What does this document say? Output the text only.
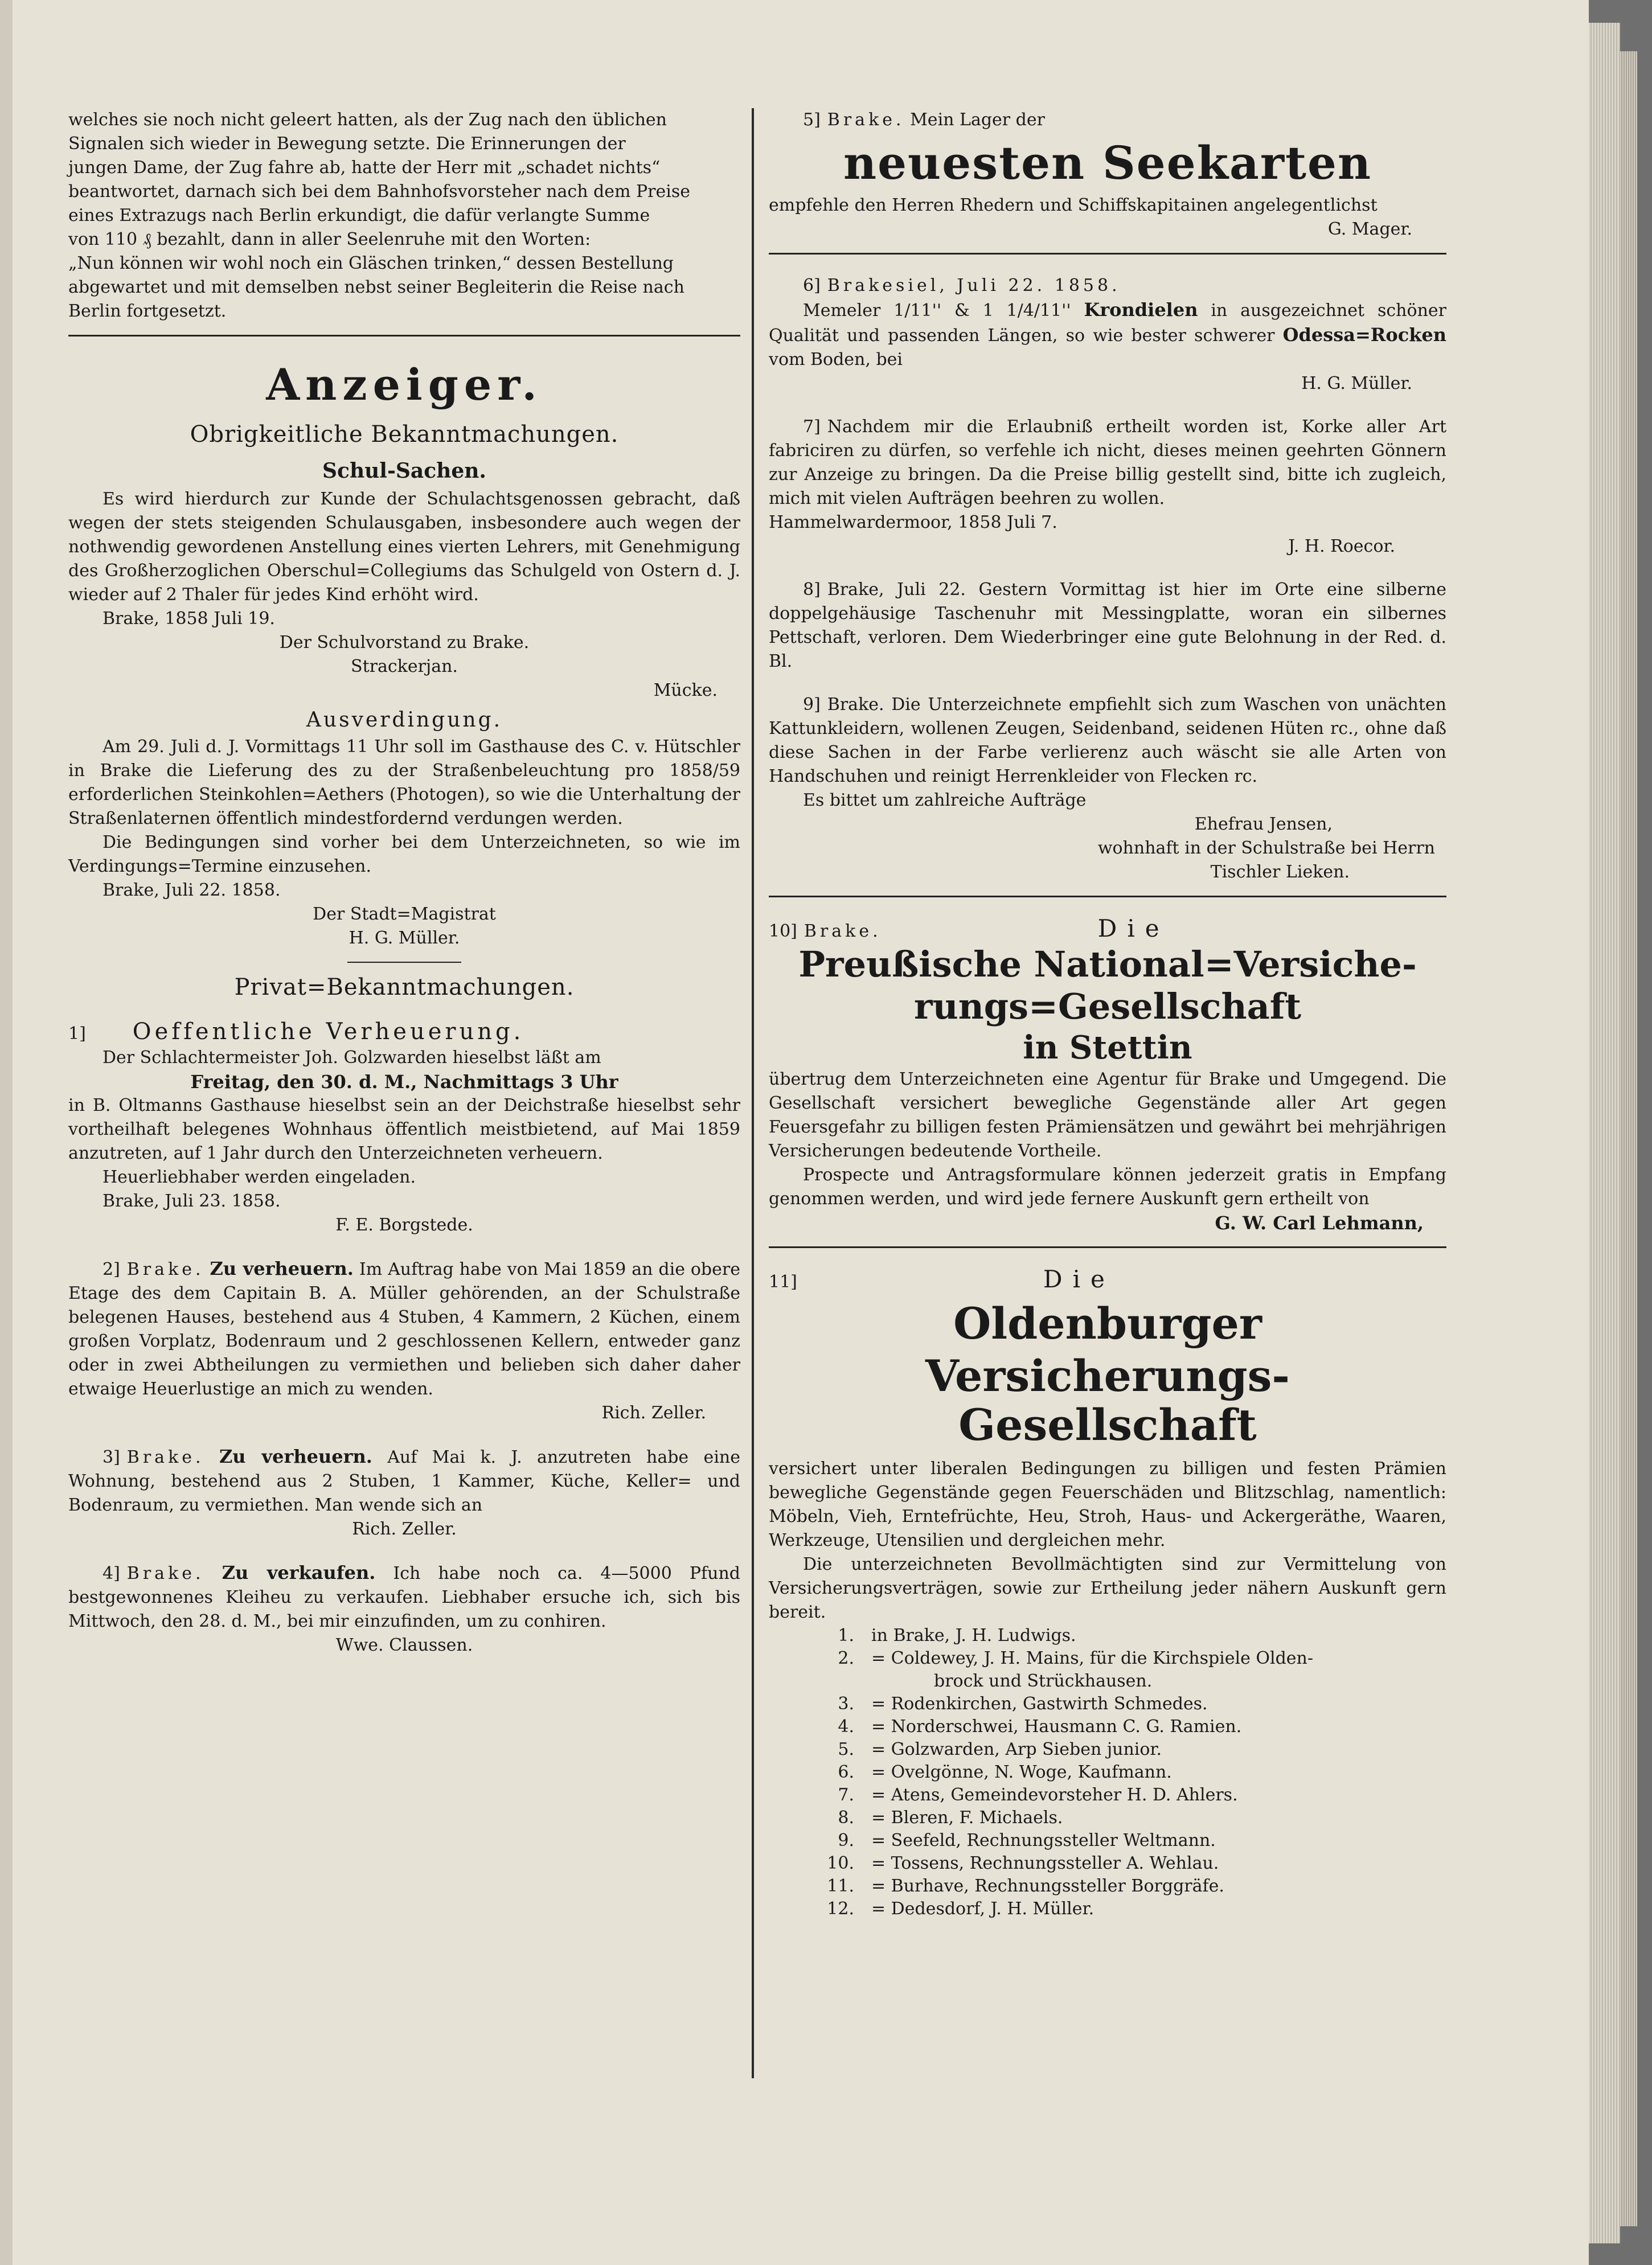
welches sie noch nicht geleert hatten, als der Zug nach den üblichen
Signalen sich wieder in Bewegung setzte. Die Erinnerungen der
jungen Dame, der Zug fahre ab, hatte der Herr mit „schadet nichts“
beantwortet, darnach sich bei dem Bahnhofsvorsteher nach dem Preise
eines Extrazugs nach Berlin erkundigt, die dafür verlangte Summe
von 110 ₰ bezahlt, dann in aller Seelenruhe mit den Worten:
„Nun können wir wohl noch ein Gläschen trinken,“ dessen Bestellung
abgewartet und mit demselben nebst seiner Begleiterin die Reise nach
Berlin fortgesetzt.
Anzeiger.
Obrigkeitliche Bekanntmachungen.
Schul-Sachen.

Es wird hierdurch zur Kunde der Schulachtsgenossen gebracht, daß wegen der stets steigenden Schulausgaben, insbesondere auch wegen der nothwendig gewordenen Anstellung eines vierten Lehrers, mit Genehmigung des Großherzoglichen Oberschul=Collegiums das Schulgeld von Ostern d. J. wieder auf 2 Thaler für jedes Kind erhöht wird.

Brake, 1858 Juli 19.

Der Schulvorstand zu Brake.

Strackerjan.

Mücke.

Ausverdingung.

Am 29. Juli d. J. Vormittags 11 Uhr soll im Gasthause des C. v. Hütschler in Brake die Lieferung des zu der Straßenbeleuchtung pro 1858/59 erforderlichen Steinkohlen=Aethers (Photogen), so wie die Unterhaltung der Straßenlaternen öffentlich mindestfordernd verdungen werden.

Die Bedingungen sind vorher bei dem Unterzeichneten, so wie im Verdingungs=Termine einzusehen.

Brake, Juli 22. 1858.

Der Stadt=Magistrat

H. G. Müller.

Privat=Bekanntmachungen.

1] Oeffentliche Verheuerung.

Der Schlachtermeister Joh. Golzwarden hieselbst läßt am

Freitag, den 30. d. M., Nachmittags 3 Uhr

in B. Oltmanns Gasthause hieselbst sein an der Deichstraße hieselbst sehr vortheilhaft belegenes Wohnhaus öffentlich meistbietend, auf Mai 1859 anzutreten, auf 1 Jahr durch den Unterzeichneten verheuern.

Heuerliebhaber werden eingeladen.

Brake, Juli 23. 1858.

F. E. Borgstede.

2] Brake. Zu verheuern. Im Auftrag habe von Mai 1859 an die obere Etage des dem Capitain B. A. Müller gehörenden, an der Schulstraße belegenen Hauses, bestehend aus 4 Stuben, 4 Kammern, 2 Küchen, einem großen Vorplatz, Bodenraum und 2 geschlossenen Kellern, entweder ganz oder in zwei Abtheilungen zu vermiethen und belieben sich daher daher etwaige Heuerlustige an mich zu wenden.

Rich. Zeller.

3] Brake. Zu verheuern. Auf Mai k. J. anzutreten habe eine Wohnung, bestehend aus 2 Stuben, 1 Kammer, Küche, Keller= und Bodenraum, zu vermiethen. Man wende sich an

Rich. Zeller.

4] Brake. Zu verkaufen. Ich habe noch ca. 4—5000 Pfund bestgewonnenes Kleiheu zu verkaufen. Liebhaber ersuche ich, sich bis Mittwoch, den 28. d. M., bei mir einzufinden, um zu conhiren.

Wwe. Claussen.

5] Brake. Mein Lager der

neuesten Seekarten

empfehle den Herren Rhedern und Schiffskapitainen angelegentlichst

G. Mager.

6] Brakesiel, Juli 22. 1858.

Memeler 1/11'' & 1 1/4/11'' Krondielen in ausgezeichnet schöner Qualität und passenden Längen, so wie bester schwerer Odessa=Rocken vom Boden, bei

H. G. Müller.

7] Nachdem mir die Erlaubniß ertheilt worden ist, Korke aller Art fabriciren zu dürfen, so verfehle ich nicht, dieses meinen geehrten Gönnern zur Anzeige zu bringen. Da die Preise billig gestellt sind, bitte ich zugleich, mich mit vielen Aufträgen beehren zu wollen.

Hammelwardermoor, 1858 Juli 7.

J. H. Roecor.

8] Brake, Juli 22. Gestern Vormittag ist hier im Orte eine silberne doppelgehäusige Taschenuhr mit Messingplatte, woran ein silbernes Pettschaft, verloren. Dem Wiederbringer eine gute Belohnung in der Red. d. Bl.

9] Brake. Die Unterzeichnete empfiehlt sich zum Waschen von unächten Kattunkleidern, wollenen Zeugen, Seidenband, seidenen Hüten rc., ohne daß diese Sachen in der Farbe verlierenz auch wäscht sie alle Arten von Handschuhen und reinigt Herrenkleider von Flecken rc.

Es bittet um zahlreiche Aufträge

Ehefrau Jensen,

wohnhaft in der Schulstraße bei Herrn

Tischler Lieken.

10] Brake.	Die

Preußische National=Versiche-
rungs=Gesellschaft
in Stettin

übertrug dem Unterzeichneten eine Agentur für Brake und Umgegend. Die Gesellschaft versichert bewegliche Gegenstände aller Art gegen Feuersgefahr zu billigen festen Prämiensätzen und gewährt bei mehrjährigen Versicherungen bedeutende Vortheile.

Prospecte und Antragsformulare können jederzeit gratis in Empfang genommen werden, und wird jede fernere Auskunft gern ertheilt von

G. W. Carl Lehmann,

11]	Die

Oldenburger Versicherungs-
Gesellschaft

versichert unter liberalen Bedingungen zu billigen und festen Prämien bewegliche Gegenstände gegen Feuerschäden und Blitzschlag, namentlich: Möbeln, Vieh, Erntefrüchte, Heu, Stroh, Haus- und Ackergeräthe, Waaren, Werkzeuge, Utensilien und dergleichen mehr.

Die unterzeichneten Bevollmächtigten sind zur Vermittelung von Versicherungsverträgen, sowie zur Ertheilung jeder nähern Auskunft gern bereit.

1. in Brake, J. H. Ludwigs.
2. = Coldewey, J. H. Mains, für die Kirchspiele Olden-
brock und Strückhausen.
3. = Rodenkirchen, Gastwirth Schmedes.
4. = Norderschwei, Hausmann C. G. Ramien.
5. = Golzwarden, Arp Sieben junior.
6. = Ovelgönne, N. Woge, Kaufmann.
7. = Atens, Gemeindevorsteher H. D. Ahlers.
8. = Bleren, F. Michaels.
9. = Seefeld, Rechnungssteller Weltmann.
10. = Tossens, Rechnungssteller A. Wehlau.
11. = Burhave, Rechnungssteller Borggräfe.
12. = Dedesdorf, J. H. Müller.
